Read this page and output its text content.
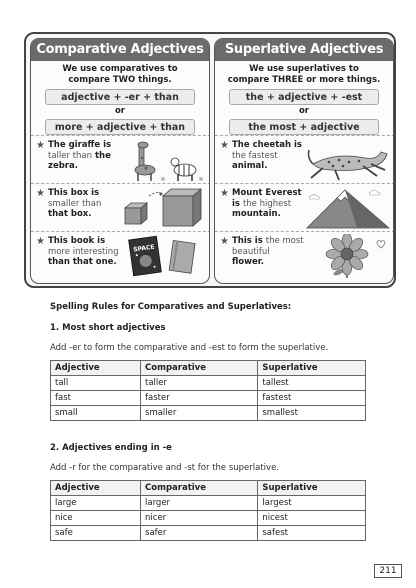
Comparative Adjectives
We use comparatives to
compare TWO things.
adjective + -er + than
or
more + adjective + than
★ The giraffe is taller than the zebra.
★ This box is smaller than that box.
★ This book is more interesting than that one.
SPACE
Superlative Adjectives
We use superlatives to
compare THREE or more things.
the + adjective + -est
or
the most + adjective
★ The cheetah is the fastest animal.
★ Mount Everest is the highest mountain.
★ This is the most beautiful flower.
Spelling Rules for Comparatives and Superlatives:
1. Most short adjectives
Add -er to form the comparative and -est to form the superlative.
Adjective	Comparative	Superlative
tall	taller	tallest
fast	faster	fastest
small	smaller	smallest
2. Adjectives ending in -e
Add -r for the comparative and -st for the superlative.
Adjective	Comparative	Superlative
large	larger	largest
nice	nicer	nicest
safe	safer	safest
211
